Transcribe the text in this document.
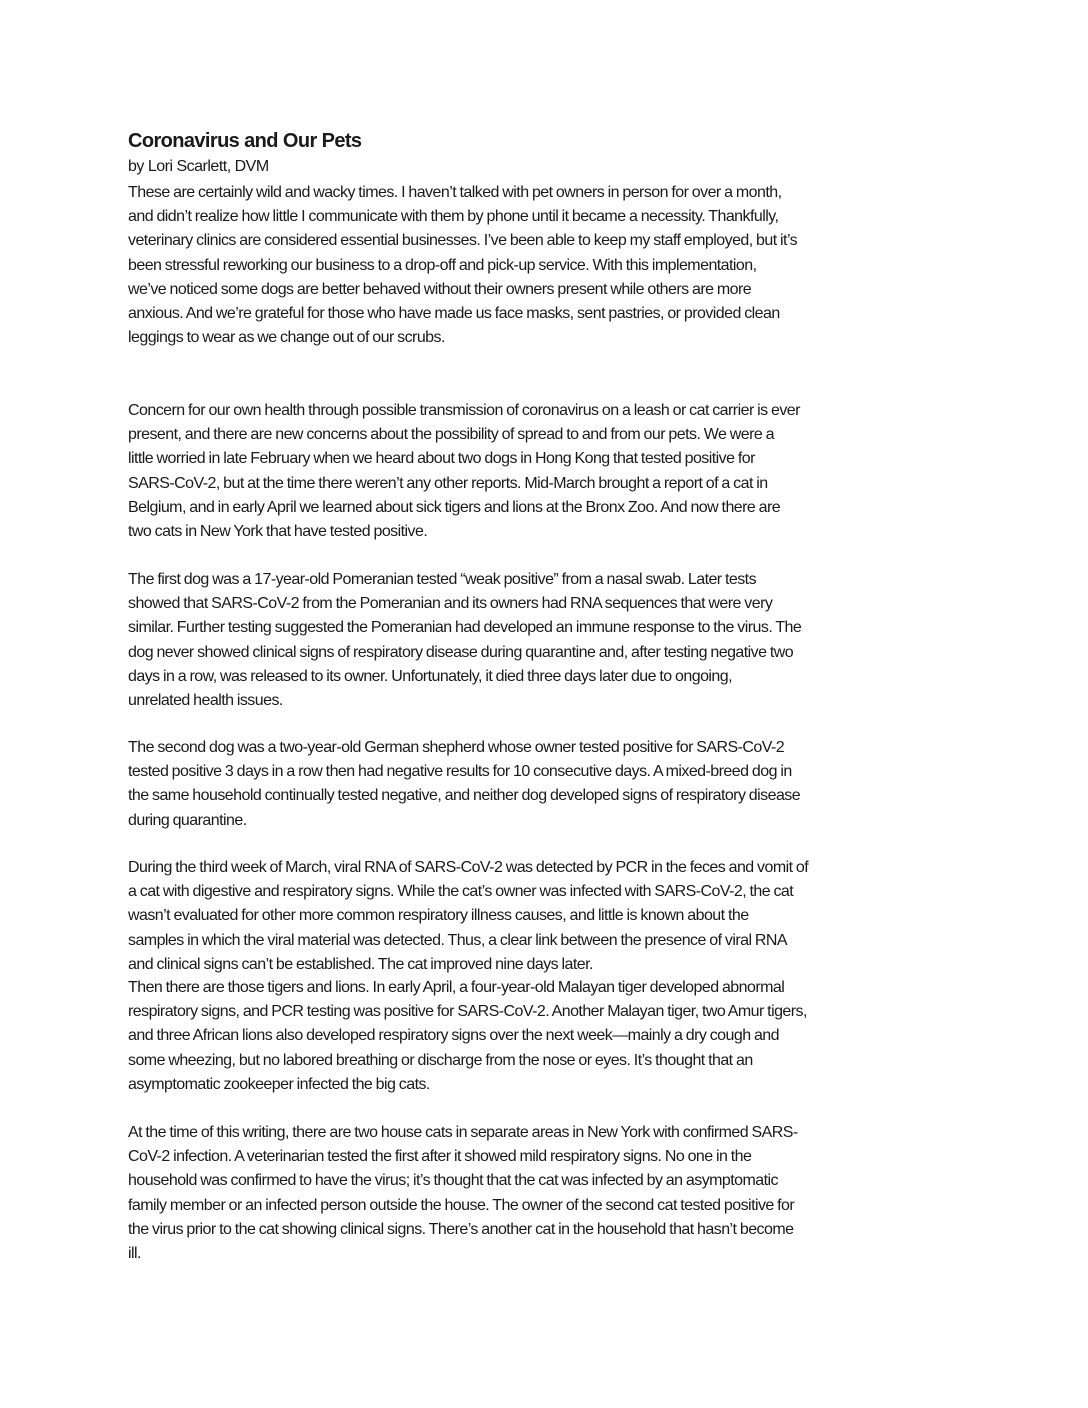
Coronavirus and Our Pets
by Lori Scarlett, DVM
These are certainly wild and wacky times. I haven’t talked with pet owners in person for over a month,
and didn’t realize how little I communicate with them by phone until it became a necessity. Thankfully,
veterinary clinics are considered essential businesses. I’ve been able to keep my staff employed, but it’s
been stressful reworking our business to a drop-off and pick-up service. With this implementation,
we’ve noticed some dogs are better behaved without their owners present while others are more
anxious. And we’re grateful for those who have made us face masks, sent pastries, or provided clean
leggings to wear as we change out of our scrubs.
Concern for our own health through possible transmission of coronavirus on a leash or cat carrier is ever
present, and there are new concerns about the possibility of spread to and from our pets. We were a
little worried in late February when we heard about two dogs in Hong Kong that tested positive for
SARS-CoV-2, but at the time there weren’t any other reports. Mid-March brought a report of a cat in
Belgium, and in early April we learned about sick tigers and lions at the Bronx Zoo. And now there are
two cats in New York that have tested positive.
The first dog was a 17-year-old Pomeranian tested “weak positive” from a nasal swab. Later tests
showed that SARS-CoV-2 from the Pomeranian and its owners had RNA sequences that were very
similar. Further testing suggested the Pomeranian had developed an immune response to the virus. The
dog never showed clinical signs of respiratory disease during quarantine and, after testing negative two
days in a row, was released to its owner. Unfortunately, it died three days later due to ongoing,
unrelated health issues.
The second dog was a two-year-old German shepherd whose owner tested positive for SARS-CoV-2
tested positive 3 days in a row then had negative results for 10 consecutive days. A mixed-breed dog in
the same household continually tested negative, and neither dog developed signs of respiratory disease
during quarantine.
During the third week of March, viral RNA of SARS-CoV-2 was detected by PCR in the feces and vomit of
a cat with digestive and respiratory signs. While the cat’s owner was infected with SARS-CoV-2, the cat
wasn’t evaluated for other more common respiratory illness causes, and little is known about the
samples in which the viral material was detected. Thus, a clear link between the presence of viral RNA
and clinical signs can’t be established. The cat improved nine days later.
Then there are those tigers and lions. In early April, a four-year-old Malayan tiger developed abnormal
respiratory signs, and PCR testing was positive for SARS-CoV-2. Another Malayan tiger, two Amur tigers,
and three African lions also developed respiratory signs over the next week—mainly a dry cough and
some wheezing, but no labored breathing or discharge from the nose or eyes. It’s thought that an
asymptomatic zookeeper infected the big cats.
At the time of this writing, there are two house cats in separate areas in New York with confirmed SARS-
CoV-2 infection. A veterinarian tested the first after it showed mild respiratory signs. No one in the
household was confirmed to have the virus; it’s thought that the cat was infected by an asymptomatic
family member or an infected person outside the house. The owner of the second cat tested positive for
the virus prior to the cat showing clinical signs. There’s another cat in the household that hasn’t become
ill.
